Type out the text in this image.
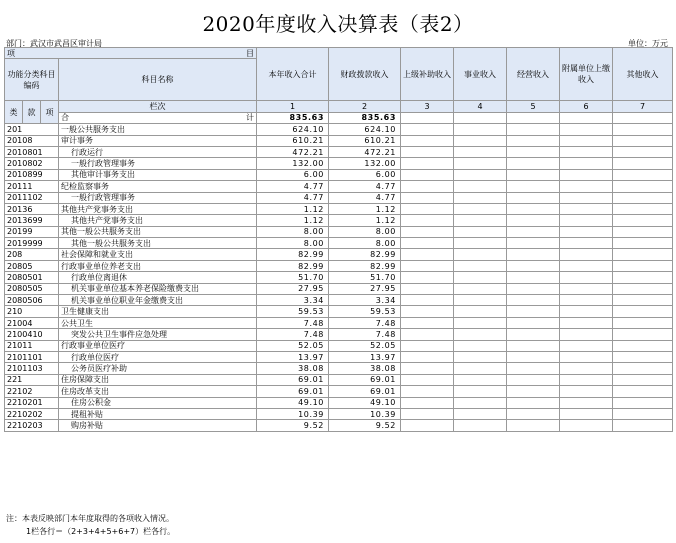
2020年度收入决算表（表2）
部门：武汉市武昌区审计局	单位：万元
项 目				本年收入合计	财政拨款收入	上级补助收入	事业收入	经营收入	附属单位上缴收入	其他收入
功能分类科目编码			科目名称							
类	款	项	栏次	1	2	3	4	5	6	7
			合 计	835.63	835.63					
201			一般公共服务支出	624.10	624.10					
20108			审计事务	610.21	610.21					
2010801			行政运行	472.21	472.21					
2010802			一般行政管理事务	132.00	132.00					
2010899			其他审计事务支出	6.00	6.00					
20111			纪检监察事务	4.77	4.77					
2011102			一般行政管理事务	4.77	4.77					
20136			其他共产党事务支出	1.12	1.12					
2013699			其他共产党事务支出	1.12	1.12					
20199			其他一般公共服务支出	8.00	8.00					
2019999			其他一般公共服务支出	8.00	8.00					
208			社会保障和就业支出	82.99	82.99					
20805			行政事业单位养老支出	82.99	82.99					
2080501			行政单位离退休	51.70	51.70					
2080505			机关事业单位基本养老保险缴费支出	27.95	27.95					
2080506			机关事业单位职业年金缴费支出	3.34	3.34					
210			卫生健康支出	59.53	59.53					
21004			公共卫生	7.48	7.48					
2100410			突发公共卫生事件应急处理	7.48	7.48					
21011			行政事业单位医疗	52.05	52.05					
2101101			行政单位医疗	13.97	13.97					
2101103			公务员医疗补助	38.08	38.08					
221			住房保障支出	69.01	69.01					
22102			住房改革支出	69.01	69.01					
2210201			住房公积金	49.10	49.10					
2210202			提租补贴	10.39	10.39					
2210203			购房补贴	9.52	9.52					
注：本表反映部门本年度取得的各项收入情况。
1栏各行＝（2+3+4+5+6+7）栏各行。
